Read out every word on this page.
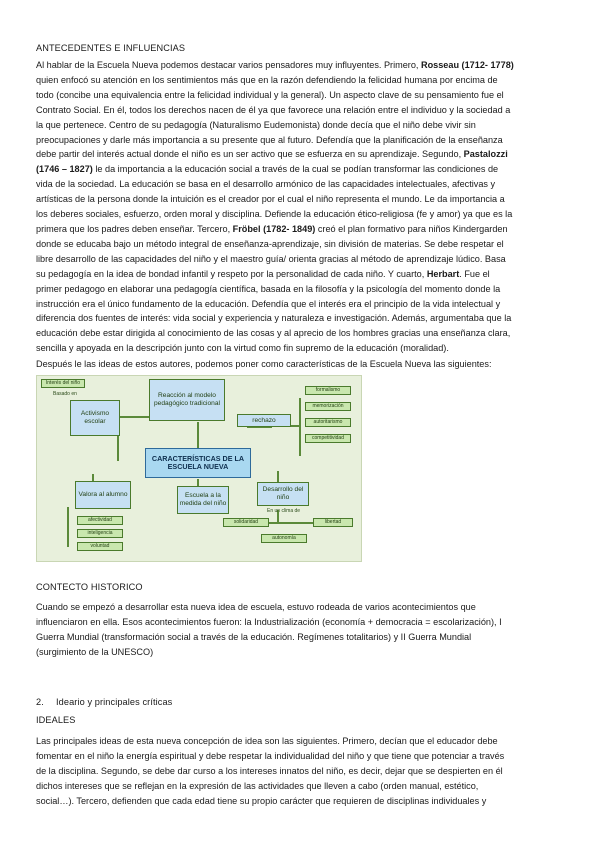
ANTECEDENTES E INFLUENCIAS
Al hablar de la Escuela Nueva podemos destacar varios pensadores muy influyentes. Primero, Rosseau (1712- 1778)
quien enfocó su atención en los sentimientos más que en la razón defendiendo la felicidad humana por encima de
todo (concibe una equivalencia entre la felicidad individual y la general). Un aspecto clave de su pensamiento fue el
Contrato Social. En él, todos los derechos nacen de él ya que favorece una relación entre el individuo y la sociedad a
la que pertenece. Centro de su pedagogía (Naturalismo Eudemonista) donde decía que el niño debe vivir sin
preocupaciones y darle más importancia a su presente que al futuro. Defendía que la planificación de la enseñanza
debe partir del interés actual donde el niño es un ser activo que se esfuerza en su aprendizaje. Segundo, Pastalozzi
(1746 – 1827) le da importancia a la educación social a través de la cual se podían transformar las condiciones de
vida de la sociedad. La educación se basa en el desarrollo armónico de las capacidades intelectuales, afectivas y
artísticas de la persona donde la intuición es el creador por el cual el niño representa el mundo. Le da importancia a
los deberes sociales, esfuerzo, orden moral y disciplina. Defiende la educación ético-religiosa (fe y amor) ya que es la
primera que los padres deben enseñar. Tercero, Fröbel (1782- 1849) creó el plan formativo para niños Kindergarden
donde se educaba bajo un método integral de enseñanza-aprendizaje, sin división de materias. Se debe respetar el
libre desarrollo de las capacidades del niño y el maestro guía/ orienta gracias al método de aprendizaje lúdico. Basa
su pedagogía en la idea de bondad infantil y respeto por la personalidad de cada niño. Y cuarto, Herbart. Fue el
primer pedagogo en elaborar una pedagogía científica, basada en la filosofía y la psicología del momento donde la
instrucción era el único fundamento de la educación. Defendía que el interés era el principio de la vida intelectual y
diferencia dos fuentes de interés: vida social y experiencia y naturaleza e investigación. Además, argumentaba que la
educación debe estar dirigida al conocimiento de las cosas y al aprecio de los hombres gracias una enseñanza clara,
sencilla y apoyada en la descripción junto con la virtud como fin supremo de la educación (moralidad).
Después le las ideas de estos autores, podemos poner como características de la Escuela Nueva las siguientes:
Interés del niño
Basado en	Reacción al modelo pedagógico tradicional
formalismo
memorización
autoritarismo
competitividad
rechazo
Activismo escolar
CARACTERÍSTICAS DE LA ESCUELA NUEVA
Valora al alumno	Escuela a la medida del niño
Desarrollo del niño
En un clima de
afectividad
inteligencia
voluntad
solidaridad	libertad
autonomía
CONTECTO HISTORICO
Cuando se empezó a desarrollar esta nueva idea de escuela, estuvo rodeada de varios acontecimientos que
influenciaron en ella. Esos acontecimientos fueron: la Industrialización (economía + democracia = escolarización), I
Guerra Mundial (transformación social a través de la educación. Regímenes totalitarios) y II Guerra Mundial
(surgimiento de la UNESCO)
2. Ideario y principales críticas
IDEALES
Las principales ideas de esta nueva concepción de idea son las siguientes. Primero, decían que el educador debe
fomentar en el niño la energía espiritual y debe respetar la individualidad del niño y que tiene que potenciar a través
de la disciplina. Segundo, se debe dar curso a los intereses innatos del niño, es decir, dejar que se despierten en él
dichos intereses que se reflejan en la expresión de las actividades que lleven a cabo (orden manual, estético,
social…). Tercero, defienden que cada edad tiene su propio carácter que requieren de disciplinas individuales y
